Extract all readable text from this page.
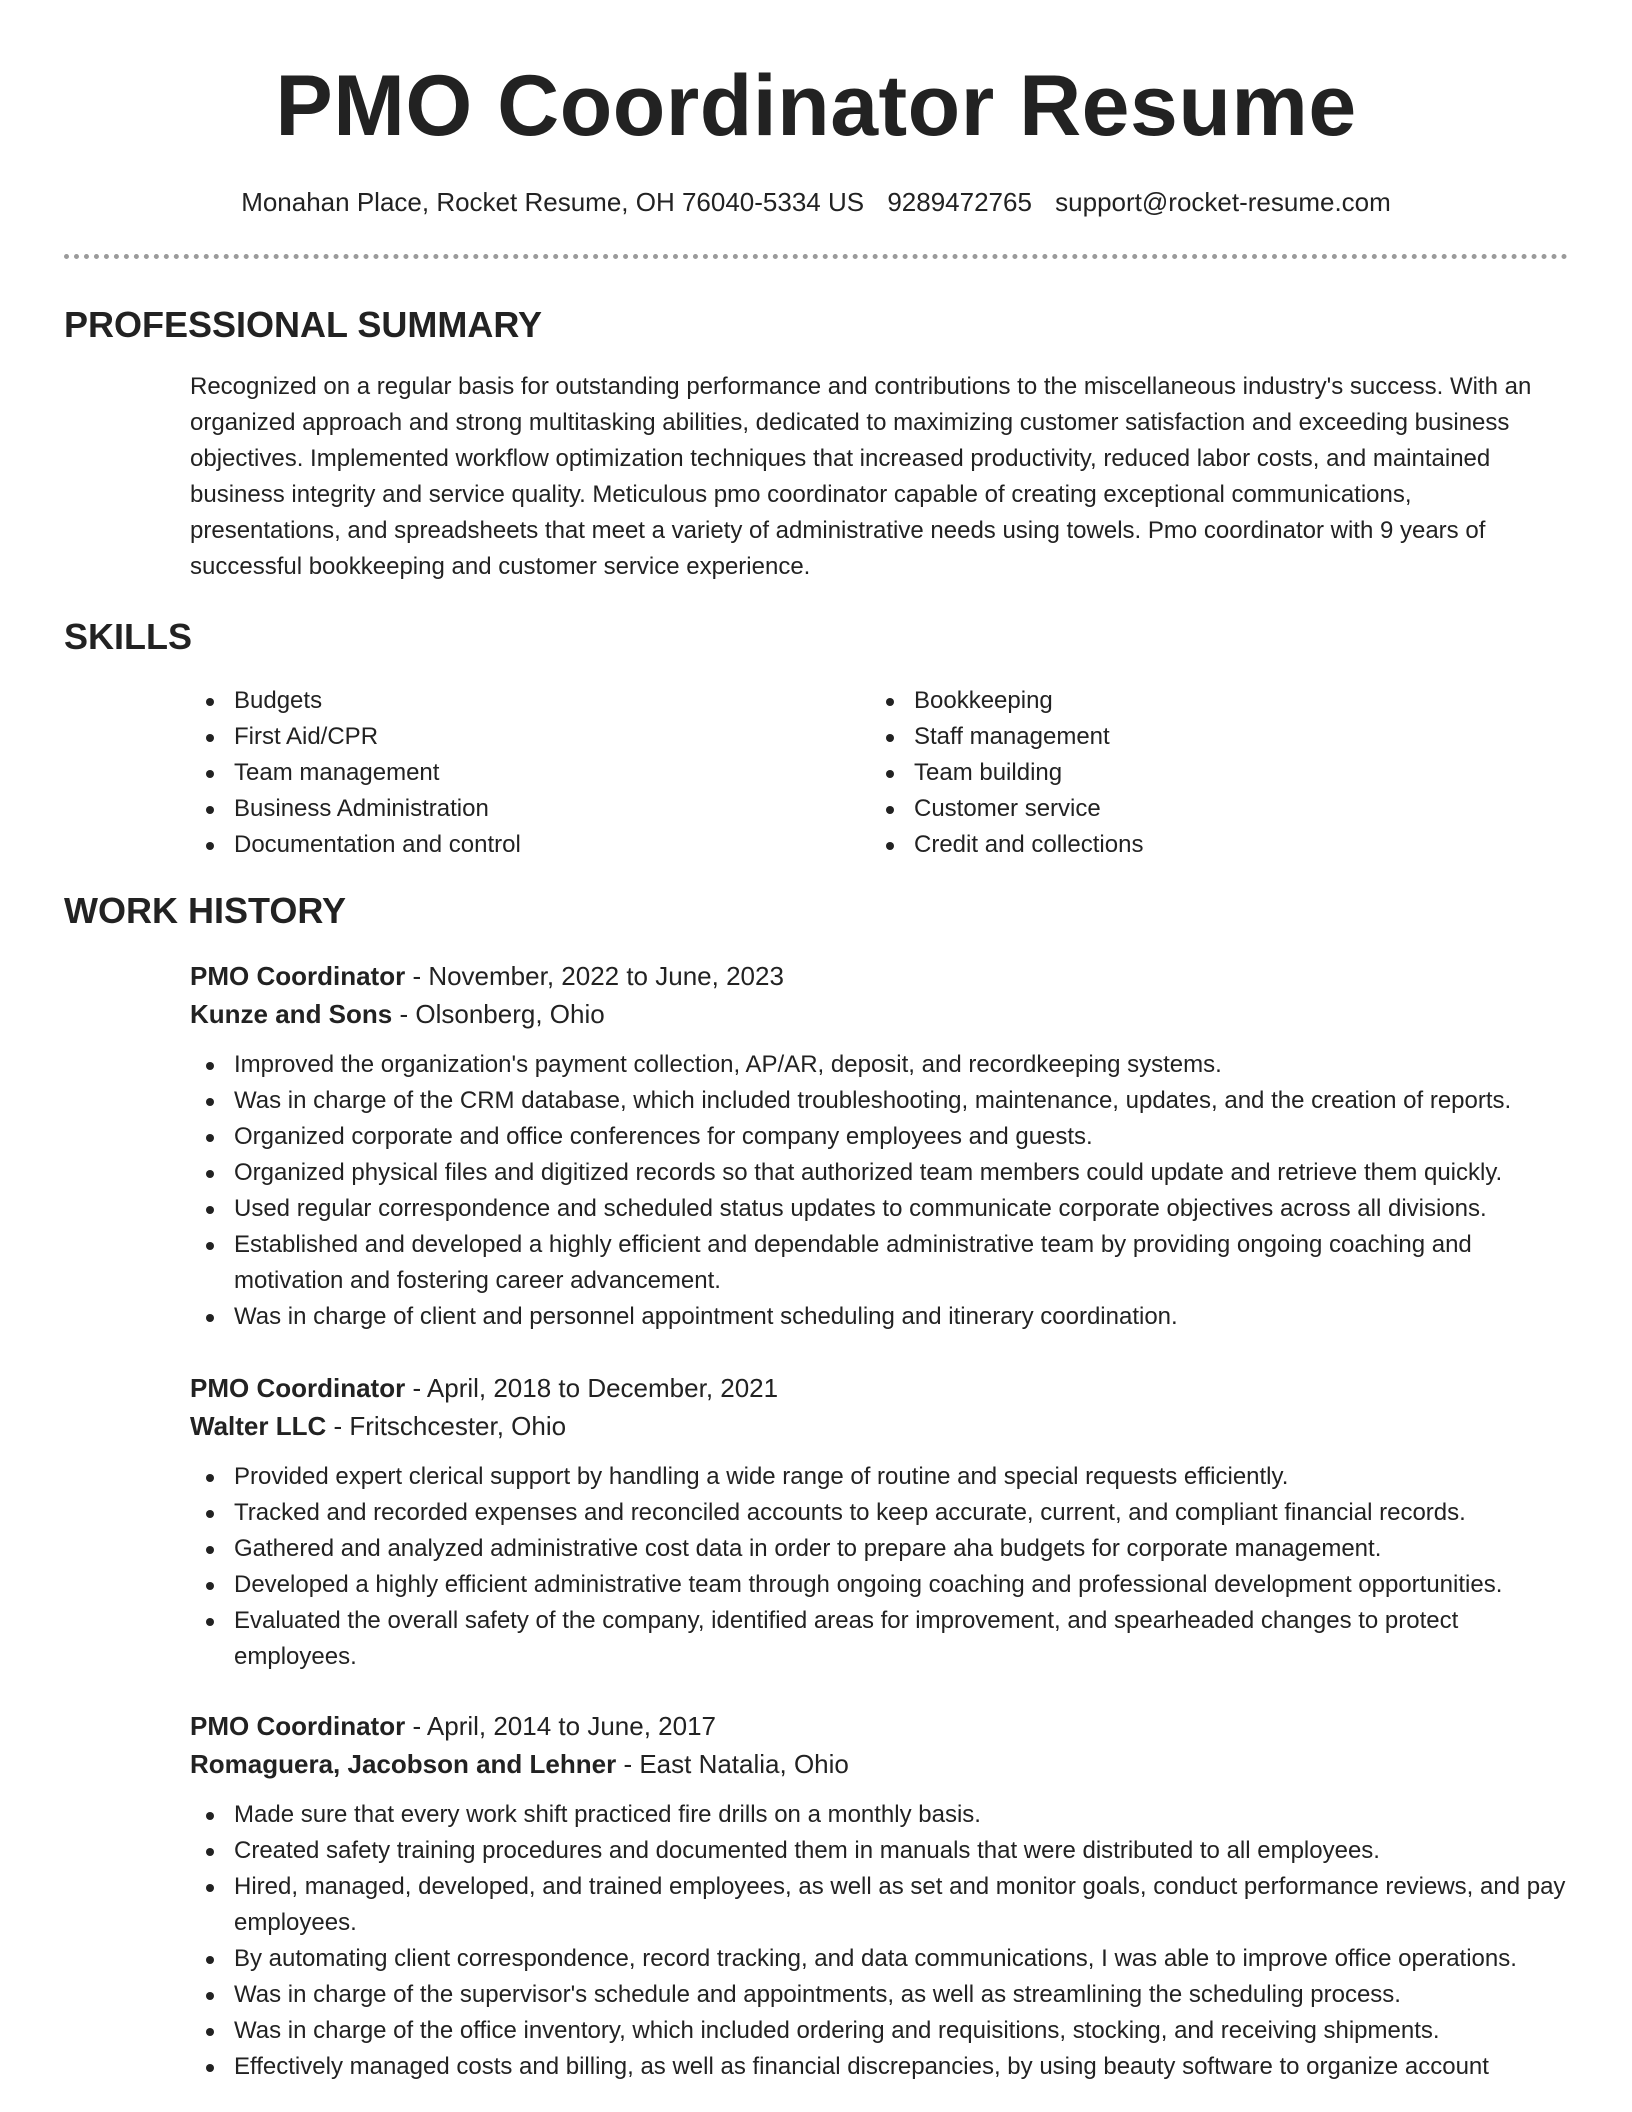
PMO Coordinator Resume
Monahan Place, Rocket Resume, OH 76040-5334 US 9289472765 support@rocket-resume.com
PROFESSIONAL SUMMARY

Recognized on a regular basis for outstanding performance and contributions to the miscellaneous industry's success. With an organized approach and strong multitasking abilities, dedicated to maximizing customer satisfaction and exceeding business objectives. Implemented workflow optimization techniques that increased productivity, reduced labor costs, and maintained business integrity and service quality. Meticulous pmo coordinator capable of creating exceptional communications, presentations, and spreadsheets that meet a variety of administrative needs using towels. Pmo coordinator with 9 years of successful bookkeeping and customer service experience.

SKILLS
Budgets
First Aid/CPR
Team management
Business Administration
Documentation and control
Bookkeeping
Staff management
Team building
Customer service
Credit and collections
WORK HISTORY
PMO Coordinator - November, 2022 to June, 2023
Kunze and Sons - Olsonberg, Ohio
Improved the organization's payment collection, AP/AR, deposit, and recordkeeping systems.
Was in charge of the CRM database, which included troubleshooting, maintenance, updates, and the creation of reports.
Organized corporate and office conferences for company employees and guests.
Organized physical files and digitized records so that authorized team members could update and retrieve them quickly.
Used regular correspondence and scheduled status updates to communicate corporate objectives across all divisions.
Established and developed a highly efficient and dependable administrative team by providing ongoing coaching and motivation and fostering career advancement.
Was in charge of client and personnel appointment scheduling and itinerary coordination.
PMO Coordinator - April, 2018 to December, 2021
Walter LLC - Fritschcester, Ohio
Provided expert clerical support by handling a wide range of routine and special requests efficiently.
Tracked and recorded expenses and reconciled accounts to keep accurate, current, and compliant financial records.
Gathered and analyzed administrative cost data in order to prepare aha budgets for corporate management.
Developed a highly efficient administrative team through ongoing coaching and professional development opportunities.
Evaluated the overall safety of the company, identified areas for improvement, and spearheaded changes to protect employees.
PMO Coordinator - April, 2014 to June, 2017
Romaguera, Jacobson and Lehner - East Natalia, Ohio
Made sure that every work shift practiced fire drills on a monthly basis.
Created safety training procedures and documented them in manuals that were distributed to all employees.
Hired, managed, developed, and trained employees, as well as set and monitor goals, conduct performance reviews, and pay employees.
By automating client correspondence, record tracking, and data communications, I was able to improve office operations.
Was in charge of the supervisor's schedule and appointments, as well as streamlining the scheduling process.
Was in charge of the office inventory, which included ordering and requisitions, stocking, and receiving shipments.
Effectively managed costs and billing, as well as financial discrepancies, by using beauty software to organize account
